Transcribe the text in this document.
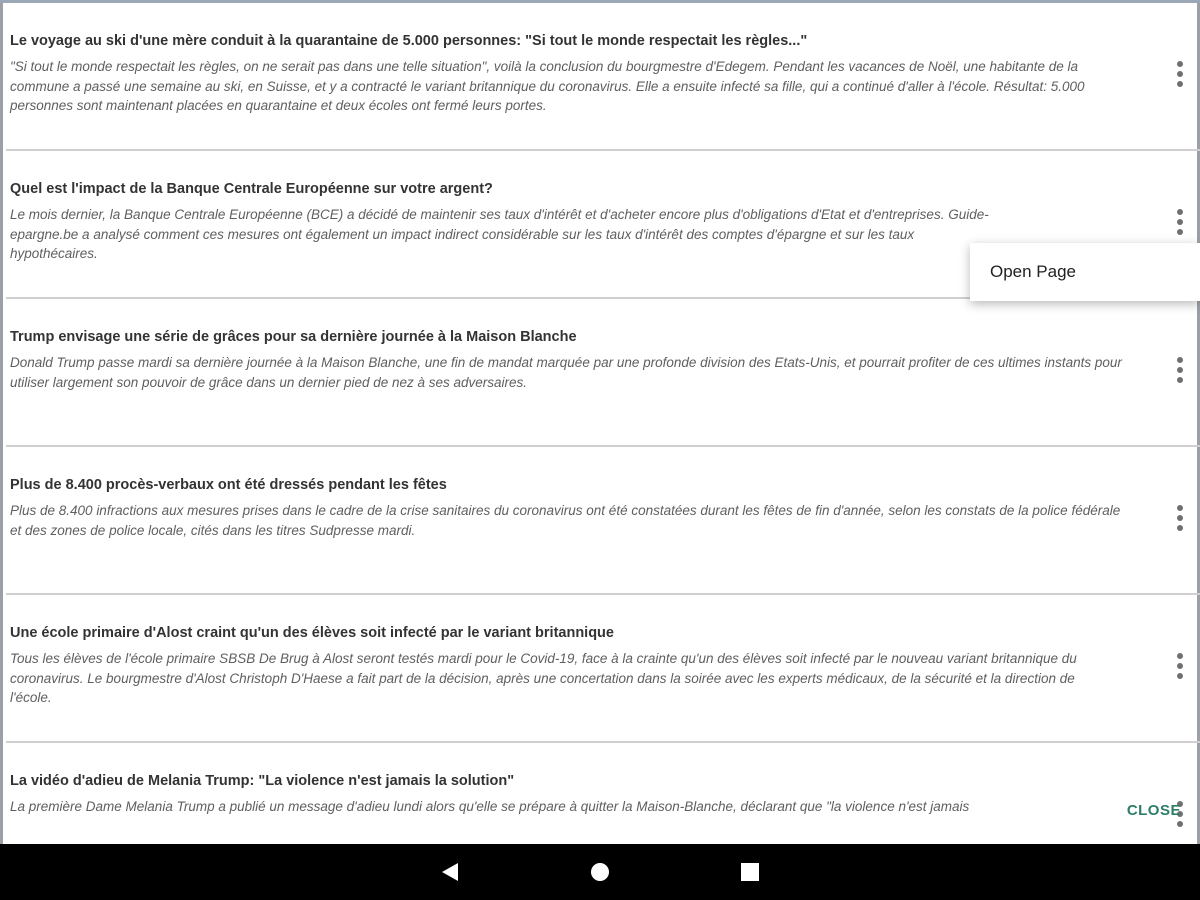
Le voyage au ski d'une mère conduit à la quarantaine de 5.000 personnes: "Si tout le monde respectait les règles..."

"Si tout le monde respectait les règles, on ne serait pas dans une telle situation", voilà la conclusion du bourgmestre d'Edegem. Pendant les vacances de Noël, une habitante de la commune a passé une semaine au ski, en Suisse, et y a contracté le variant britannique du coronavirus. Elle a ensuite infecté sa fille, qui a continué d'aller à l'école. Résultat: 5.000 personnes sont maintenant placées en quarantaine et deux écoles ont fermé leurs portes.

Quel est l'impact de la Banque Centrale Européenne sur votre argent?

Le mois dernier, la Banque Centrale Européenne (BCE) a décidé de maintenir ses taux d'intérêt et d'acheter encore plus d'obligations d'Etat et d'entreprises. Guide-epargne.be a analysé comment ces mesures ont également un impact indirect considérable sur les taux d'intérêt des comptes d'épargne et sur les taux hypothécaires.

Trump envisage une série de grâces pour sa dernière journée à la Maison Blanche

Donald Trump passe mardi sa dernière journée à la Maison Blanche, une fin de mandat marquée par une profonde division des Etats-Unis, et pourrait profiter de ces ultimes instants pour utiliser largement son pouvoir de grâce dans un dernier pied de nez à ses adversaires.

Plus de 8.400 procès-verbaux ont été dressés pendant les fêtes

Plus de 8.400 infractions aux mesures prises dans le cadre de la crise sanitaires du coronavirus ont été constatées durant les fêtes de fin d'année, selon les constats de la police fédérale et des zones de police locale, cités dans les titres Sudpresse mardi.

Une école primaire d'Alost craint qu'un des élèves soit infecté par le variant britannique

Tous les élèves de l'école primaire SBSB De Brug à Alost seront testés mardi pour le Covid-19, face à la crainte qu'un des élèves soit infecté par le nouveau variant britannique du coronavirus. Le bourgmestre d'Alost Christoph D'Haese a fait part de la décision, après une concertation dans la soirée avec les experts médicaux, de la sécurité et la direction de l'école.

La vidéo d'adieu de Melania Trump: "La violence n'est jamais la solution"

La première Dame Melania Trump a publié un message d'adieu lundi alors qu'elle se prépare à quitter la Maison-Blanche, déclarant que "la violence n'est jamais	CLOSE
Open Page
